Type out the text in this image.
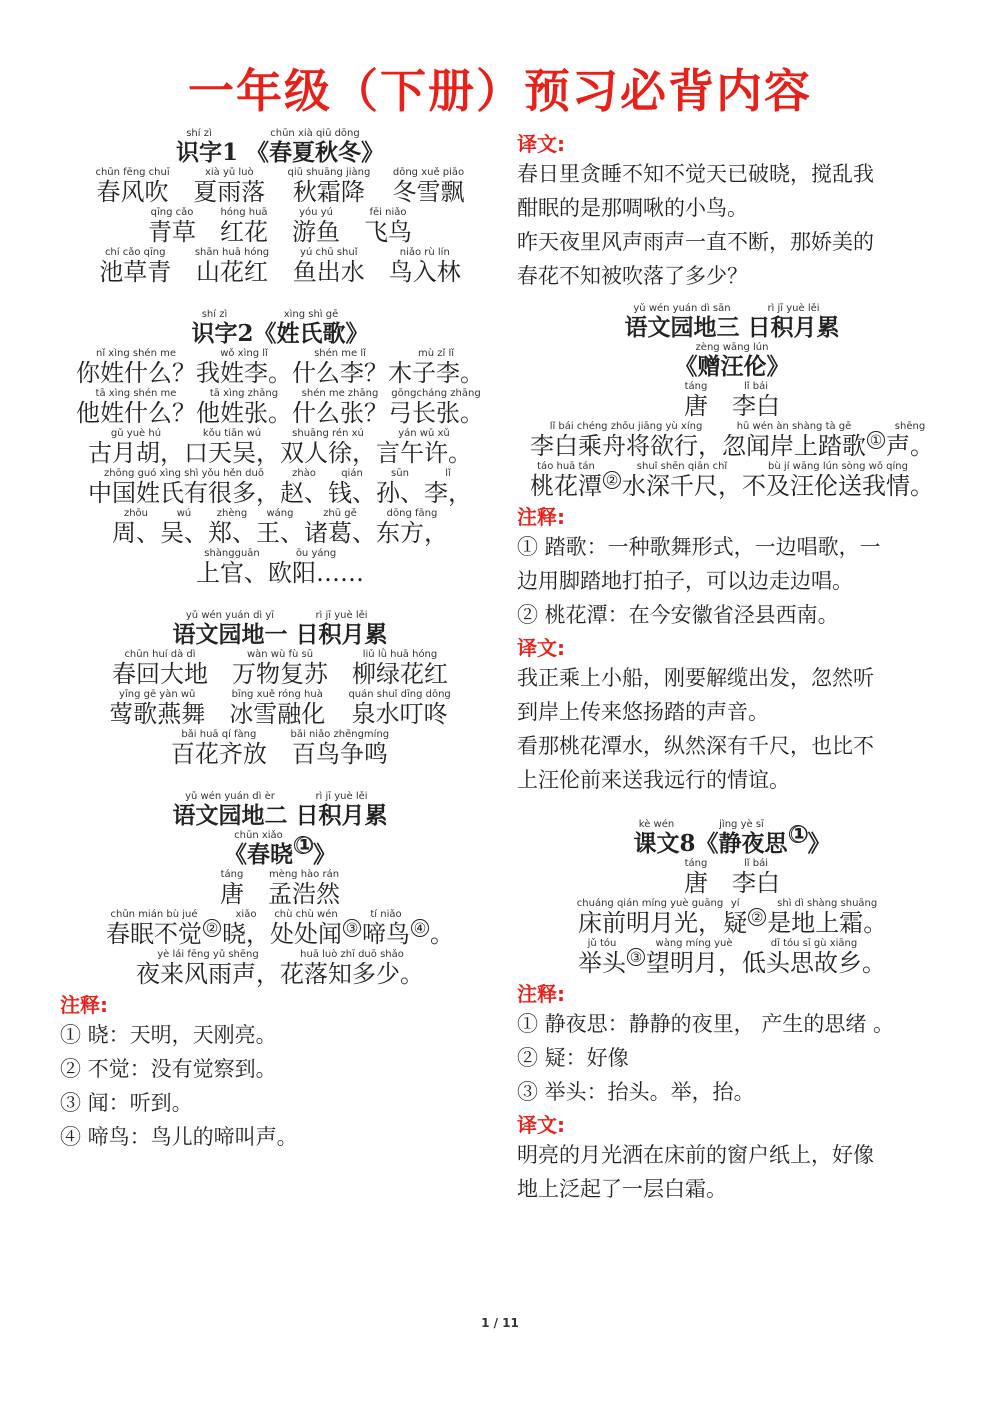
一年级（下册）预习必背内容
识字shí zì1 《春夏秋冬》chūn xià qiū dōng

春风吹chūn fēng chuī 夏雨落xià yǔ luò 秋霜降qiū shuāng jiàng 冬雪飘dōng xuě piāo

青草qīng cǎo 红花hóng huā 游鱼yóu yú 飞鸟fēi niǎo

池草青chí cǎo qīng 山花红shān huā hóng 鱼出水yú chū shuǐ 鸟入林niǎo rù lín

识字shí zì2《姓氏歌》xìng shì gē

你姓什么？nǐ xìng shén me我姓李。wǒ xìng lǐ什么李？shén me lǐ木子李。mù zǐ lǐ

他姓什么？tā xìng shén me他姓张。tā xìng zhāng什么张？shén me zhāng弓长张。gōngcháng zhāng

古月胡，gǔ yuè hú口天吴，kǒu tiān wú双人徐，shuāng rén xú言午许。yán wǔ xǔ

中国姓氏有很多，zhōng guó xìng shì yǒu hěn duō赵、zhào钱、qián孙、sūn李，lǐ

周、zhōu吴、wú郑、zhèng王、wáng诸葛、zhū gě东方，dōng fāng

上官、shàngguān欧阳……ōu yáng

语文园地一yǔ wén yuán dì yī 日积月累rì jī yuè lěi

春回大地chūn huí dà dì 万物复苏wàn wù fù sū 柳绿花红liǔ lǜ huā hóng

莺歌燕舞yīng gē yàn wǔ 冰雪融化bīng xuě róng huà 泉水叮咚quán shuǐ dīng dōng

百花齐放bǎi huā qí fàng 百鸟争鸣bǎi niǎo zhēngmíng

语文园地二yǔ wén yuán dì èr 日积月累rì jī yuè lěi
《春晓chūn xiǎo ①》
唐táng 孟浩然mèng hào rán

春眠不觉chūn mián bù jué② 晓，xiǎo处处闻chù chù wén③ 啼鸟tí niǎo④ 。

夜来风雨声，yè lái fēng yǔ shēng花落知多少。huā luò zhī duō shǎo

注释:

① 晓：天明，天刚亮。

② 不觉：没有觉察到。

③ 闻：听到。

④ 啼鸟：鸟儿的啼叫声。

译文:

春日里贪睡不知不觉天已破晓，搅乱我

酣眠的是那啁啾的小鸟。

昨天夜里风声雨声一直不断，那娇美的

春花不知被吹落了多少？

语文园地三yǔ wén yuán dì sān 日积月累rì jī yuè lěi
《赠汪伦》zèng wāng lún
唐táng 李白lǐ bái

李白乘舟将欲行，lǐ bái chéng zhōu jiāng yù xíng忽闻岸上踏歌hū wén àn shàng tà gē① 声。shēng

桃花潭táo huā tán② 水深千尺，shuǐ shēn qiān chǐ不及汪伦送我情。bù jí wāng lún sòng wǒ qíng

注释:

① 踏歌：一种歌舞形式，一边唱歌，一

边用脚踏地打拍子，可以边走边唱。

② 桃花潭：在今安徽省泾县西南。

译文:

我正乘上小船，刚要解缆出发，忽然听

到岸上传来悠扬踏的声音。

看那桃花潭水，纵然深有千尺，也比不

上汪伦前来送我远行的情谊。

课文kè wén8《静夜思jìng yè sī ①》
唐táng 李白lǐ bái

床前明月光，chuáng qián míng yuè guāng疑yí② 是地上霜。shì dì shàng shuāng

举头jǔ tóu③ 望明月，wàng míng yuè低头思故乡。dī tóu sī gù xiāng

注释:

① 静夜思：静静的夜里， 产生的思绪 。

② 疑：好像

③ 举头：抬头。举，抬。

译文:

明亮的月光洒在床前的窗户纸上，好像

地上泛起了一层白霜。

1 / 11
